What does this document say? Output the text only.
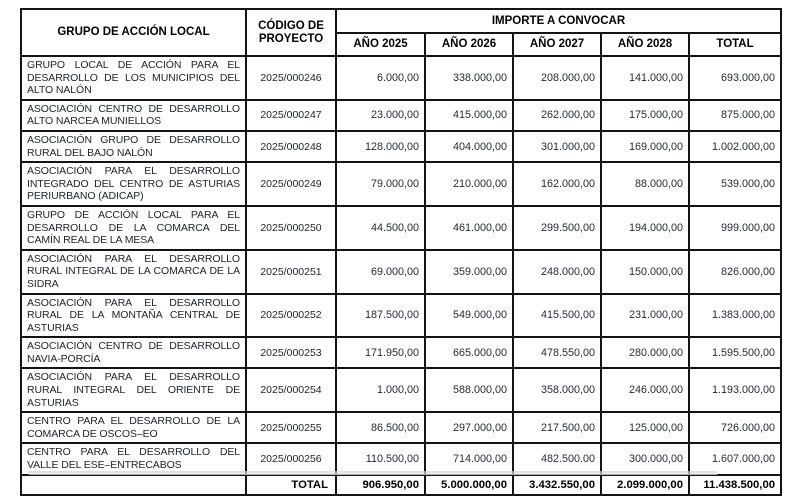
GRUPO DE ACCIÓN LOCAL	CÓDIGO DE PROYECTO	IMPORTE A CONVOCAR				
		AÑO 2025	AÑO 2026	AÑO 2027	AÑO 2028	TOTAL
GRUPO LOCAL DE ACCIÓN PARA EL DESARROLLO DE LOS MUNICIPIOS DEL ALTO NALÓN	2025/000246	6.000,00	338.000,00	208.000,00	141.000,00	693.000,00
ASOCIACIÓN CENTRO DE DESARROLLO ALTO NARCEA MUNIELLOS	2025/000247	23.000,00	415.000,00	262.000,00	175.000,00	875.000,00
ASOCIACIÓN GRUPO DE DESARROLLO RURAL DEL BAJO NALÓN	2025/000248	128.000,00	404.000,00	301.000,00	169.000,00	1.002.000,00
ASOCIACIÓN PARA EL DESARROLLO INTEGRADO DEL CENTRO DE ASTURIAS PERIURBANO (ADICAP)	2025/000249	79.000,00	210.000,00	162.000,00	88.000,00	539.000,00
GRUPO DE ACCIÓN LOCAL PARA EL DESARROLLO DE LA COMARCA DEL CAMÍN REAL DE LA MESA	2025/000250	44.500,00	461.000,00	299.500,00	194.000,00	999.000,00
ASOCIACIÓN PARA EL DESARROLLO RURAL INTEGRAL DE LA COMARCA DE LA SIDRA	2025/000251	69.000,00	359.000,00	248.000,00	150.000,00	826.000,00
ASOCIACIÓN PARA EL DESARROLLO RURAL DE LA MONTAÑA CENTRAL DE ASTURIAS	2025/000252	187.500,00	549.000,00	415.500,00	231.000,00	1.383.000,00
ASOCIACIÓN CENTRO DE DESARROLLO NAVIA-PORCÍA	2025/000253	171.950,00	665.000,00	478.550,00	280.000,00	1.595.500,00
ASOCIACIÓN PARA EL DESARROLLO RURAL INTEGRAL DEL ORIENTE DE ASTURIAS	2025/000254	1.000,00	588.000,00	358.000,00	246.000,00	1.193.000,00
CENTRO PARA EL DESARROLLO DE LA COMARCA DE OSCOS–EO	2025/000255	86.500,00	297.000,00	217.500,00	125.000,00	726.000,00
CENTRO PARA EL DESARROLLO DEL VALLE DEL ESE–ENTRECABOS	2025/000256	110.500,00	714.000,00	482.500.00	300.000,00	1.607.000,00
	TOTAL	906.950,00	5.000.000,00	3.432.550,00	2.099.000,00	11.438.500,00
